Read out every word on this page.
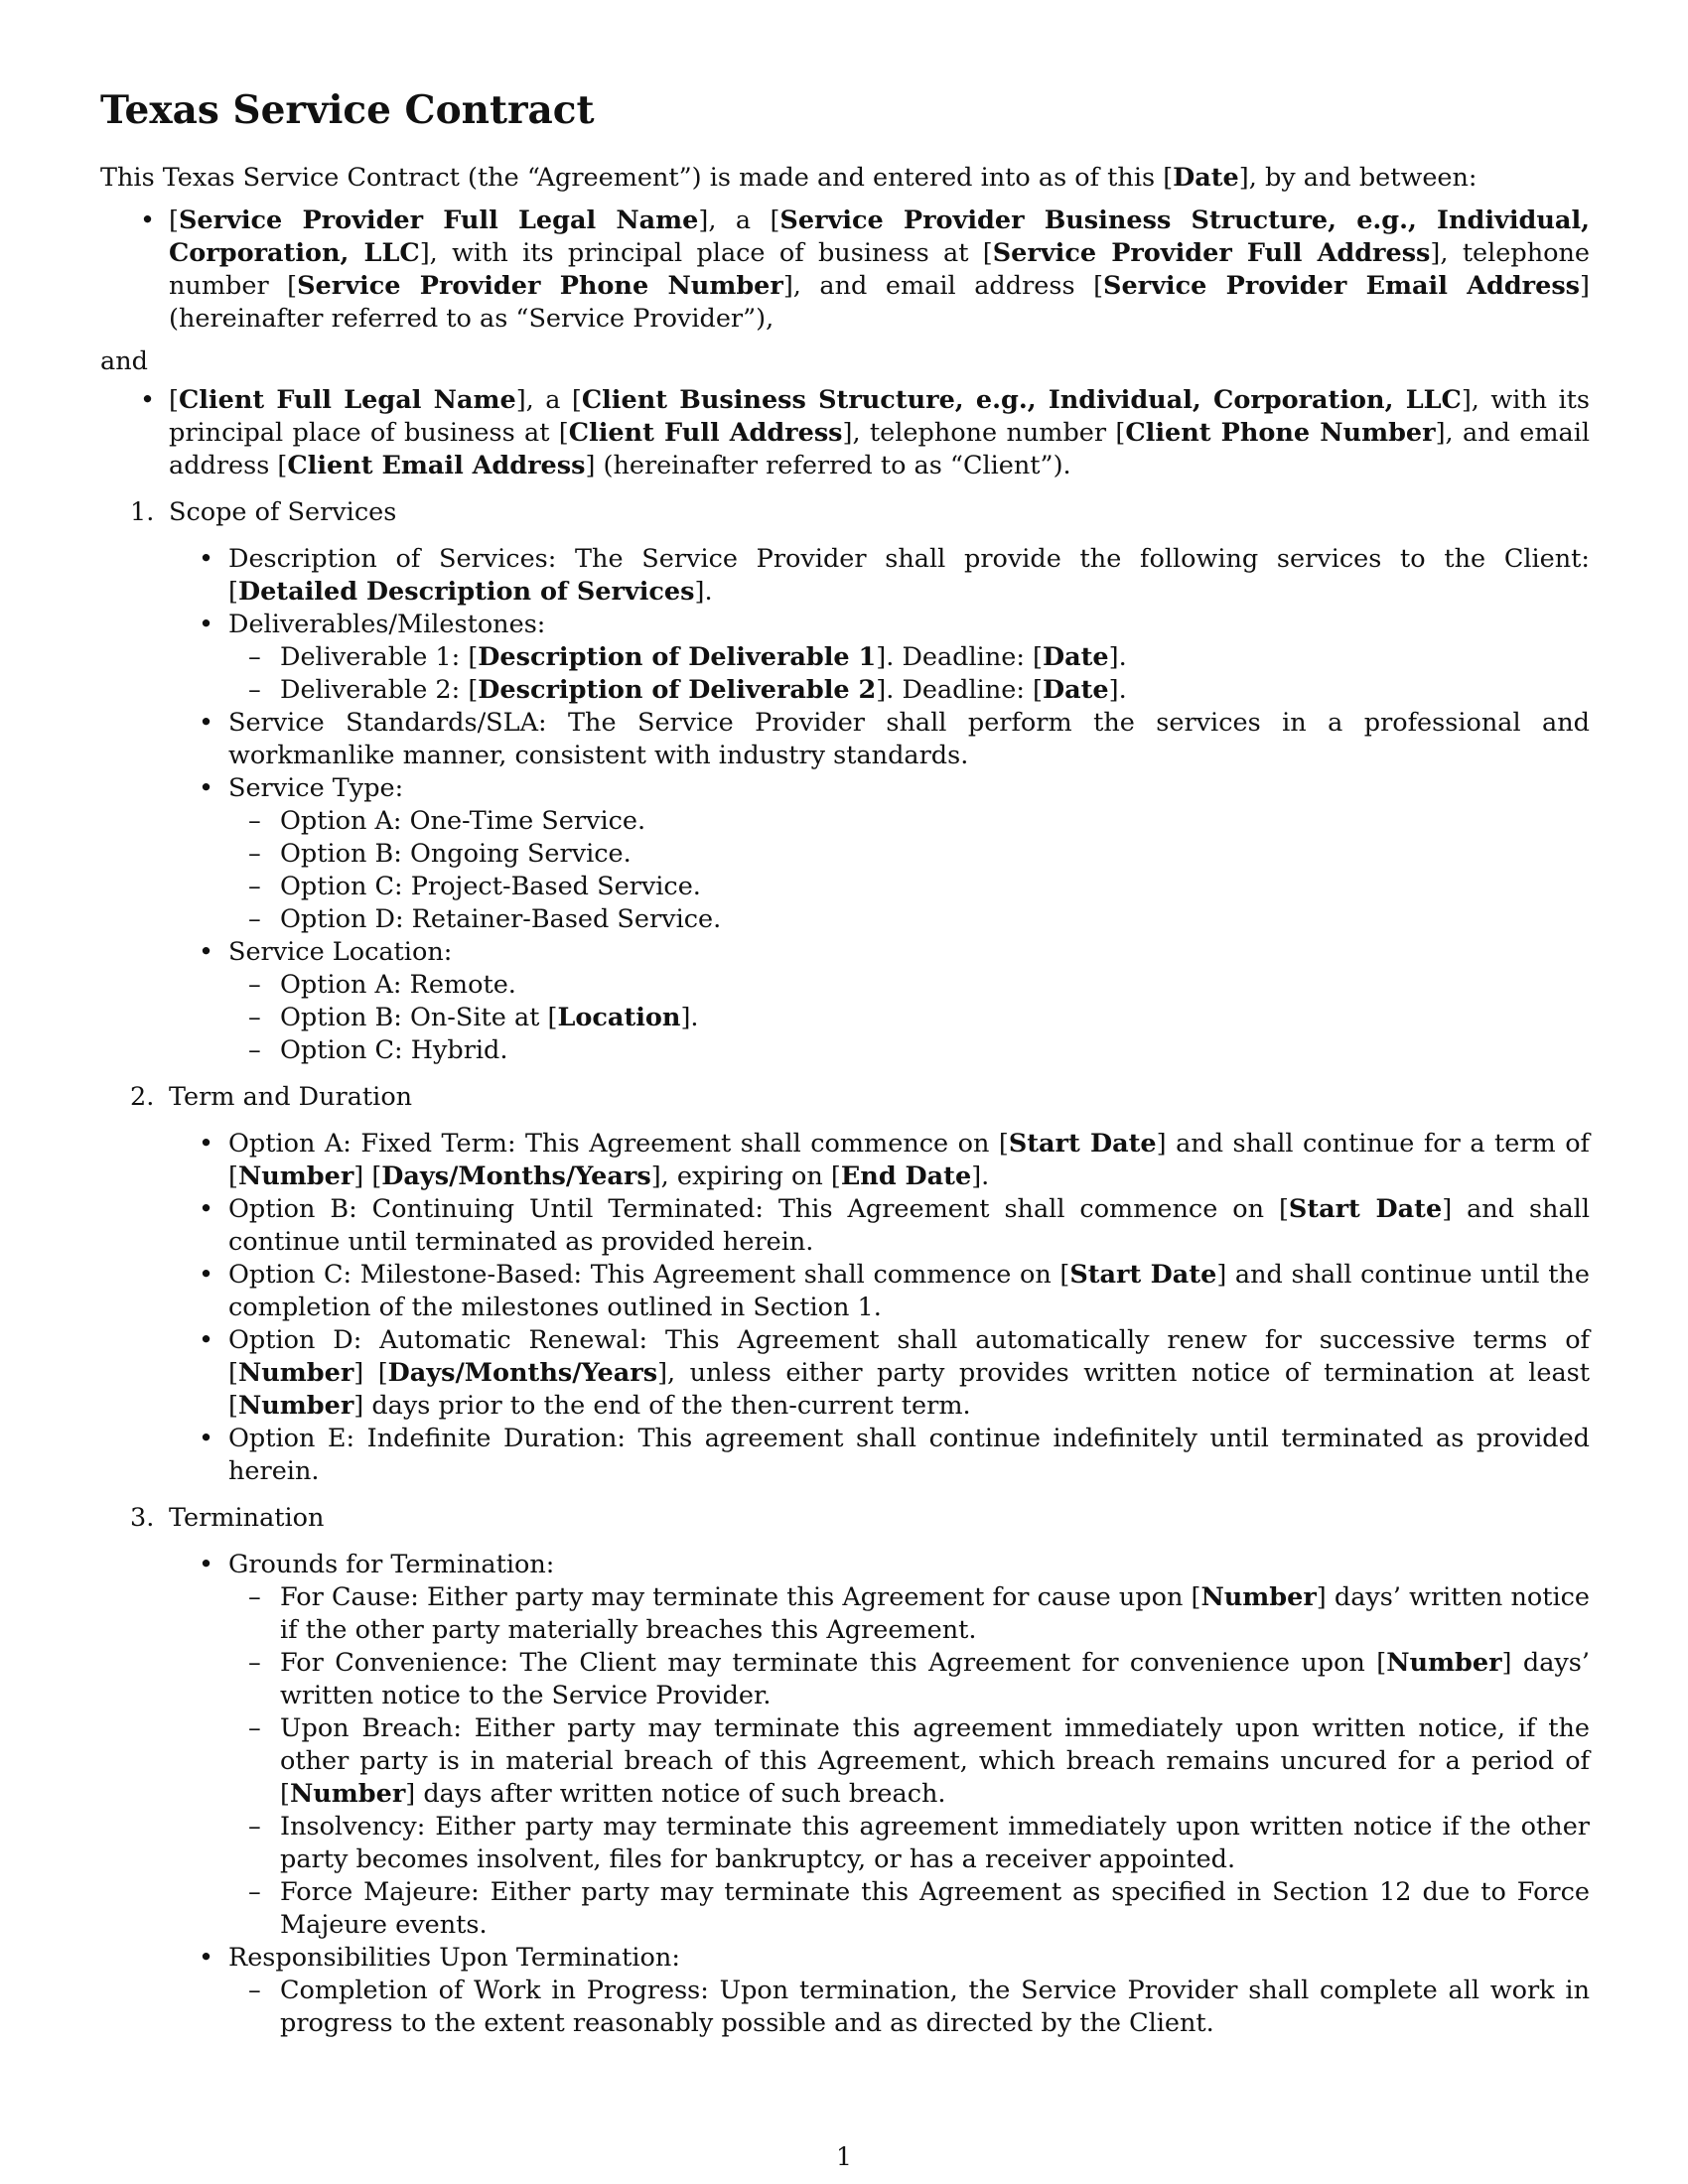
Texas Service Contract

This Texas Service Contract (the “Agreement”) is made and entered into as of this [Date], by and between:

• [Service Provider Full Legal Name], a [Service Provider Business Structure, e.g., Individual, Corporation, LLC], with its principal place of business at [Service Provider Full Address], telephone number [Service Provider Phone Number], and email address [Service Provider Email Address] (hereinafter referred to as “Service Provider”),

and

• [Client Full Legal Name], a [Client Business Structure, e.g., Individual, Corporation, LLC], with its principal place of business at [Client Full Address], telephone number [Client Phone Number], and email address [Client Email Address] (hereinafter referred to as “Client”).
1. Scope of Services
• Description of Services: The Service Provider shall provide the following services to the Client: [Detailed Description of Services].
• Deliverables/Milestones:
– Deliverable 1: [Description of Deliverable 1]. Deadline: [Date].
– Deliverable 2: [Description of Deliverable 2]. Deadline: [Date].
• Service Standards/SLA: The Service Provider shall perform the services in a professional and workmanlike manner, consistent with industry standards.
• Service Type:
– Option A: One-Time Service.
– Option B: Ongoing Service.
– Option C: Project-Based Service.
– Option D: Retainer-Based Service.
• Service Location:
– Option A: Remote.
– Option B: On-Site at [Location].
– Option C: Hybrid.
2. Term and Duration
• Option A: Fixed Term: This Agreement shall commence on [Start Date] and shall continue for a term of [Number] [Days/Months/Years], expiring on [End Date].
• Option B: Continuing Until Terminated: This Agreement shall commence on [Start Date] and shall continue until terminated as provided herein.
• Option C: Milestone-Based: This Agreement shall commence on [Start Date] and shall continue until the completion of the milestones outlined in Section 1.
• Option D: Automatic Renewal: This Agreement shall automatically renew for successive terms of [Number] [Days/Months/Years], unless either party provides written notice of termination at least [Number] days prior to the end of the then-current term.
• Option E: Indefinite Duration: This agreement shall continue indefinitely until terminated as provided herein.
3. Termination
• Grounds for Termination:
– For Cause: Either party may terminate this Agreement for cause upon [Number] days’ written notice if the other party materially breaches this Agreement.
– For Convenience: The Client may terminate this Agreement for convenience upon [Number] days’ written notice to the Service Provider.
– Upon Breach: Either party may terminate this agreement immediately upon written notice, if the other party is in material breach of this Agreement, which breach remains uncured for a period of [Number] days after written notice of such breach.
– Insolvency: Either party may terminate this agreement immediately upon written notice if the other party becomes insolvent, files for bankruptcy, or has a receiver appointed.
– Force Majeure: Either party may terminate this Agreement as specified in Section 12 due to Force Majeure events.
• Responsibilities Upon Termination:
– Completion of Work in Progress: Upon termination, the Service Provider shall complete all work in progress to the extent reasonably possible and as directed by the Client.
1
